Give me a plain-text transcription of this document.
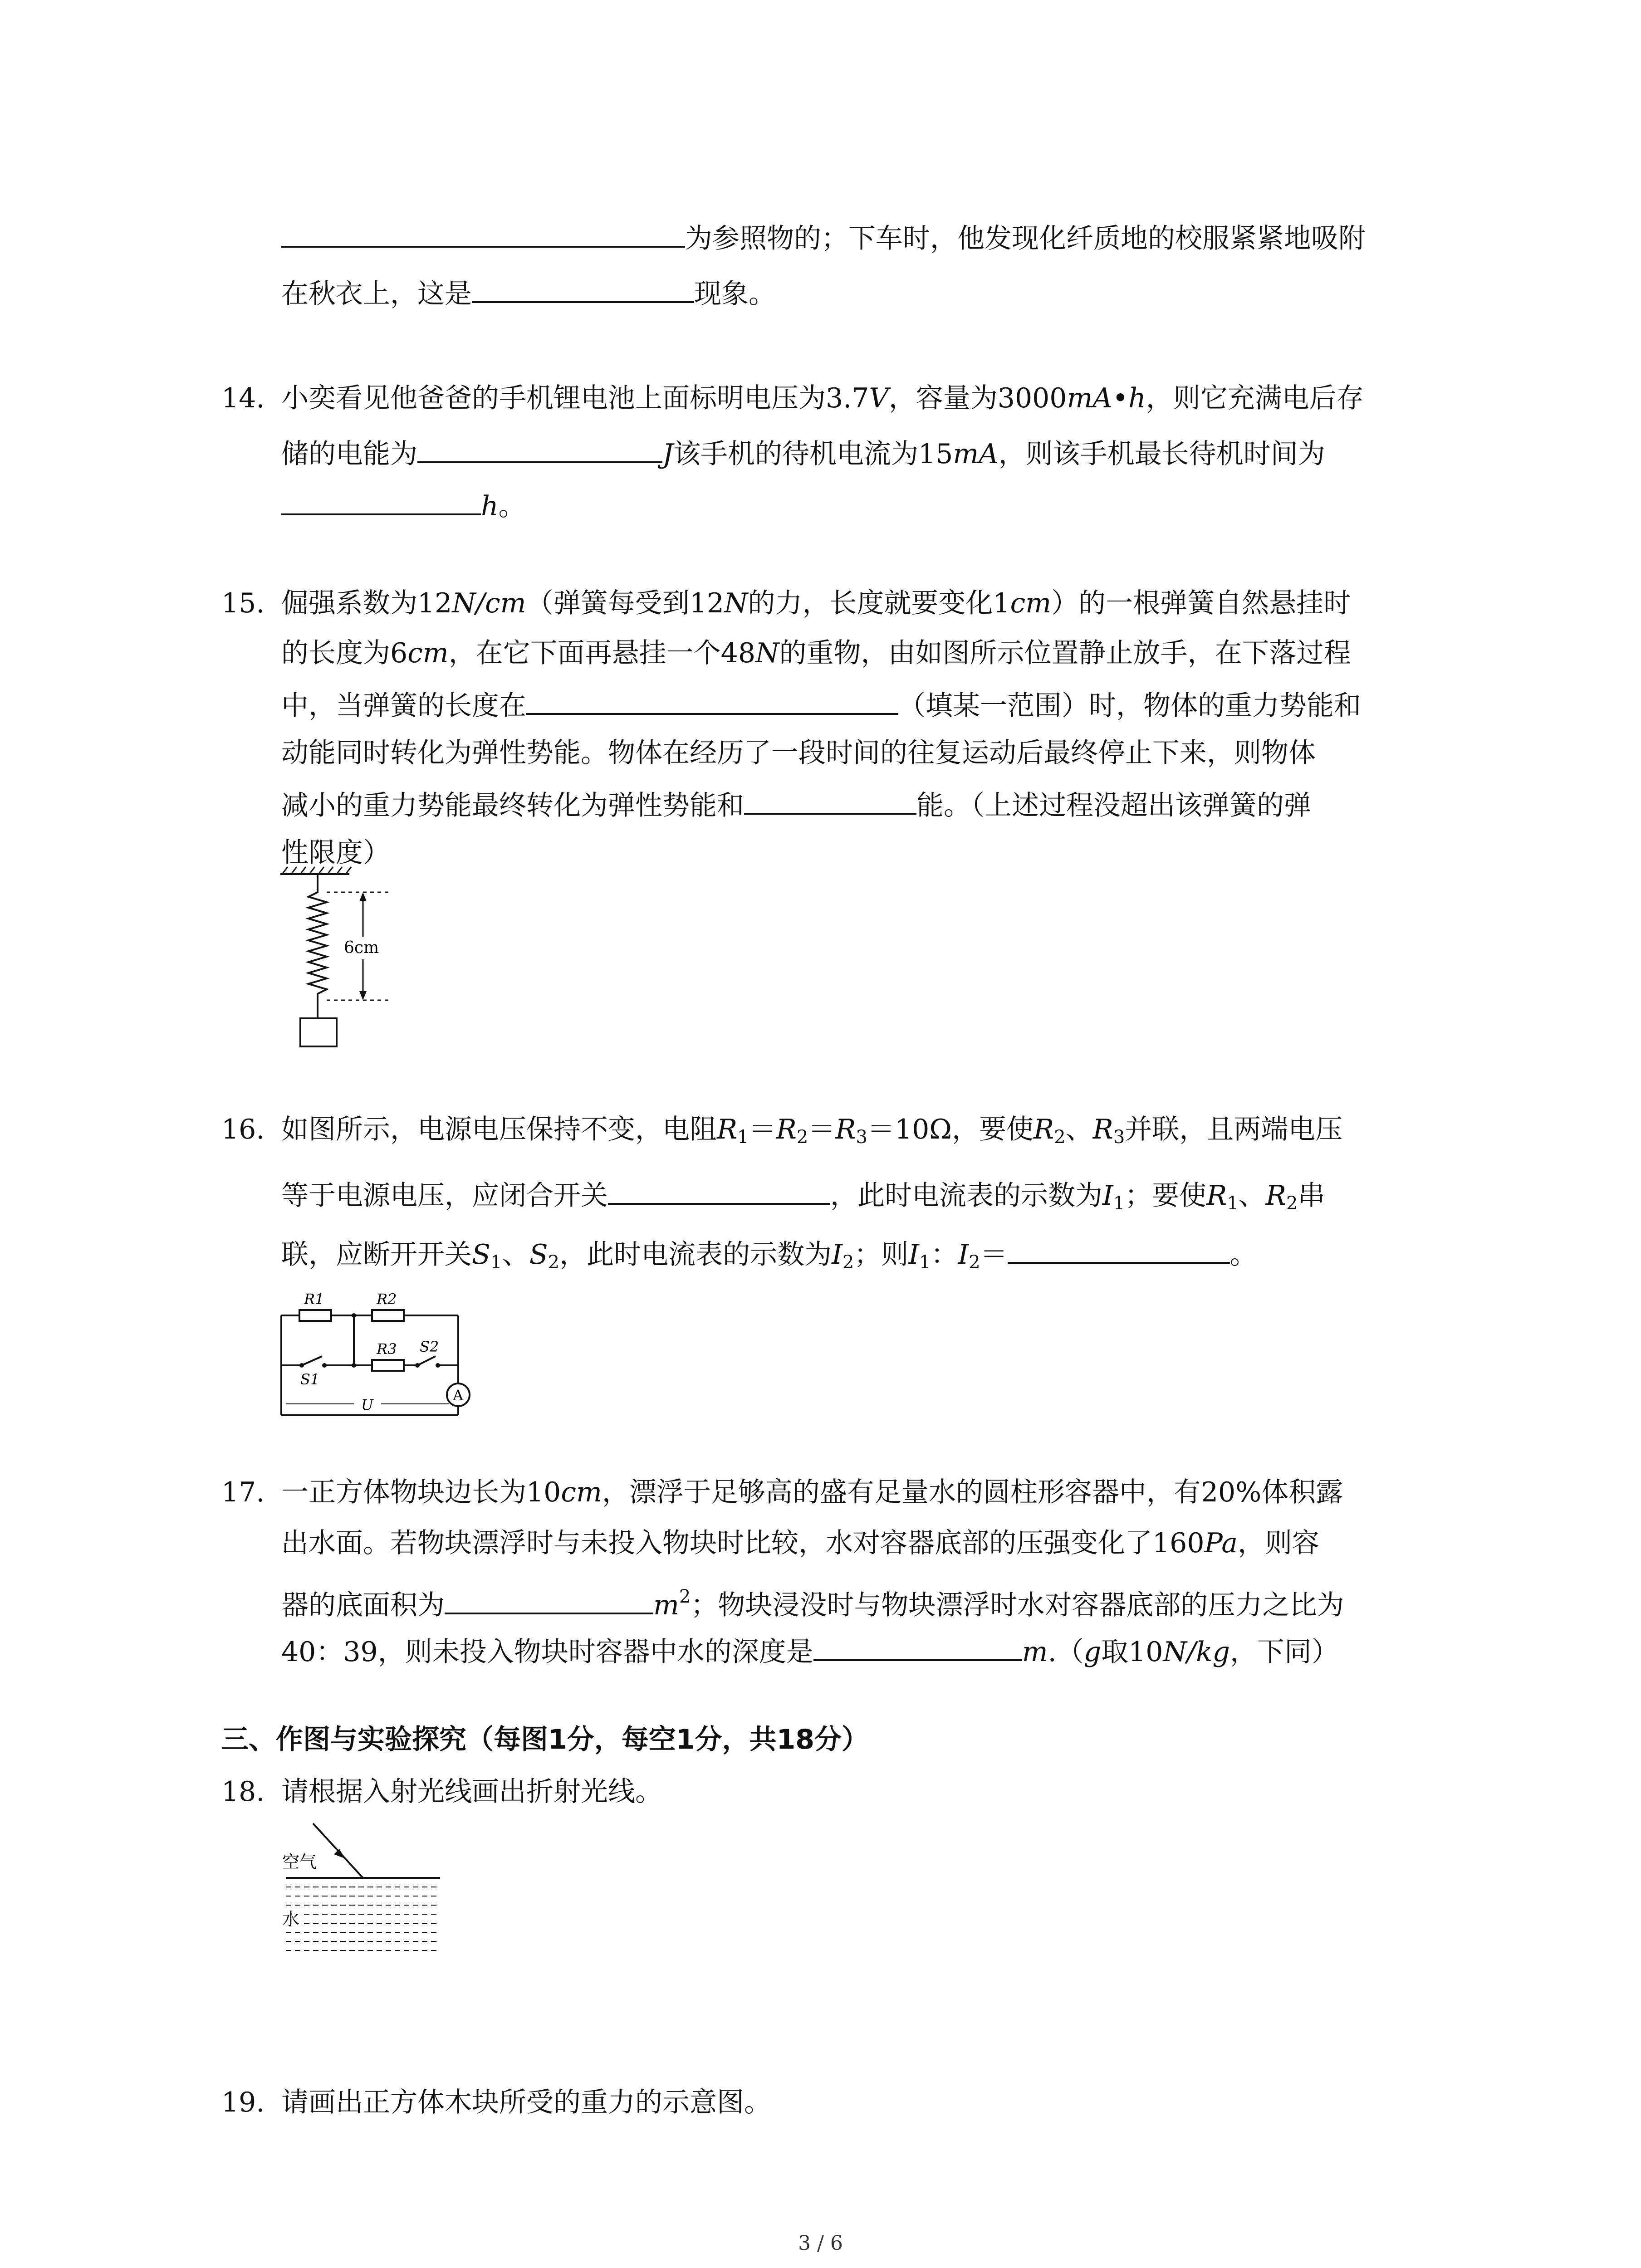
为参照物的；下车时，他发现化纤质地的校服紧紧地吸附
在秋衣上，这是	现象。
14. 小奕看见他爸爸的手机锂电池上面标明电压为3.7V，容量为3000mA•h，则它充满电后存
储的电能为	J该手机的待机电流为15mA，则该手机最长待机时间为
h。
15. 倔强系数为12N/cm（弹簧每受到12N的力，长度就要变化1cm）的一根弹簧自然悬挂时
的长度为6cm，在它下面再悬挂一个48N的重物，由如图所示位置静止放手，在下落过程
中，当弹簧的长度在	（填某一范围）时，物体的重力势能和
动能同时转化为弹性势能。物体在经历了一段时间的往复运动后最终停止下来，则物体
减小的重力势能最终转化为弹性势能和	能。（上述过程没超出该弹簧的弹
性限度）
6cm
16. 如图所示，电源电压保持不变，电阻$R_1=R_2=R_3=10\Omega$，要使$R_2$、$R_3$并联，且两端电压
等于电源电压，应闭合开关	，此时电流表的示数为$I_1$；要使$R_1$、$R_2$串
联，应断开开关$S_1$、$S_2$，此时电流表的示数为$I_2$；则$I_1$：$I_2=$	。
R1	R2
R3 S2
S1
A
U
17. 一正方体物块边长为10cm，漂浮于足够高的盛有足量水的圆柱形容器中，有20%体积露
出水面。若物块漂浮时与未投入物块时比较，水对容器底部的压强变化了160Pa，则容
器的底面积为	$m^2$；物块浸没时与物块漂浮时水对容器底部的压力之比为
40：39，则未投入物块时容器中水的深度是	m.（g取10N/kg，下同）
三、作图与实验探究（每图1分，每空1分，共18分）
18. 请根据入射光线画出折射光线。
空气
水
19. 请画出正方体木块所受的重力的示意图。
3 / 6
